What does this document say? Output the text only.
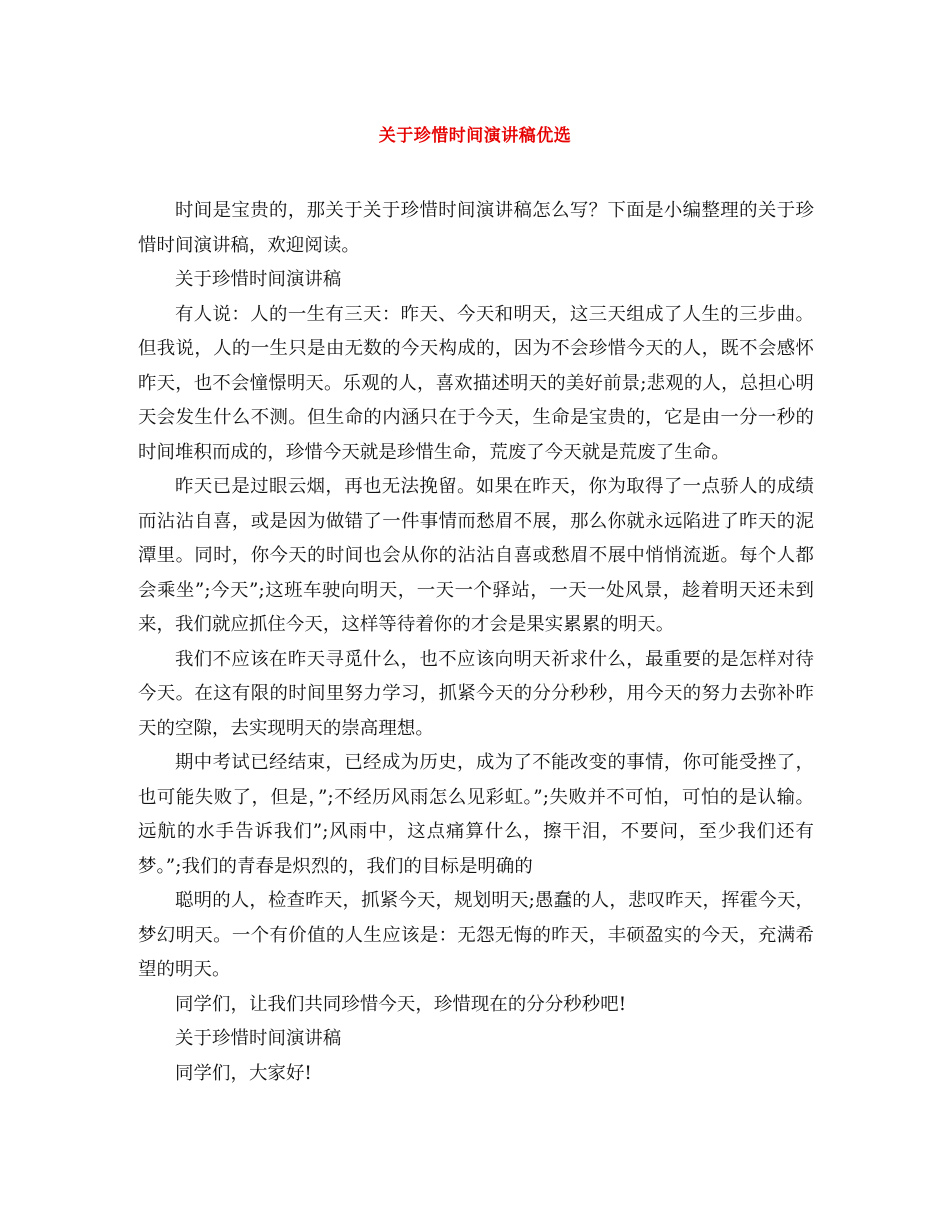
关于珍惜时间演讲稿优选

时间是宝贵的，那关于关于珍惜时间演讲稿怎么写？下面是小编整理的关于珍惜时间演讲稿，欢迎阅读。

关于珍惜时间演讲稿

有人说：人的一生有三天：昨天、今天和明天，这三天组成了人生的三步曲。但我说，人的一生只是由无数的今天构成的，因为不会珍惜今天的人，既不会感怀昨天，也不会憧憬明天。乐观的人，喜欢描述明天的美好前景;悲观的人，总担心明天会发生什么不测。但生命的内涵只在于今天，生命是宝贵的，它是由一分一秒的时间堆积而成的，珍惜今天就是珍惜生命，荒废了今天就是荒废了生命。

昨天已是过眼云烟，再也无法挽留。如果在昨天，你为取得了一点骄人的成绩而沾沾自喜，或是因为做错了一件事情而愁眉不展，那么你就永远陷进了昨天的泥潭里。同时，你今天的时间也会从你的沾沾自喜或愁眉不展中悄悄流逝。每个人都会乘坐”;今天”;这班车驶向明天，一天一个驿站，一天一处风景，趁着明天还未到来，我们就应抓住今天，这样等待着你的才会是果实累累的明天。

我们不应该在昨天寻觅什么，也不应该向明天祈求什么，最重要的是怎样对待今天。在这有限的时间里努力学习，抓紧今天的分分秒秒，用今天的努力去弥补昨天的空隙，去实现明天的崇高理想。

期中考试已经结束，已经成为历史，成为了不能改变的事情，你可能受挫了，也可能失败了，但是，”;不经历风雨怎么见彩虹。”;失败并不可怕，可怕的是认输。远航的水手告诉我们”;风雨中，这点痛算什么，擦干泪，不要问，至少我们还有梦。”;我们的青春是炽烈的，我们的目标是明确的

聪明的人，检查昨天，抓紧今天，规划明天;愚蠢的人，悲叹昨天，挥霍今天，梦幻明天。一个有价值的人生应该是：无怨无悔的昨天，丰硕盈实的今天，充满希望的明天。

同学们，让我们共同珍惜今天，珍惜现在的分分秒秒吧!

关于珍惜时间演讲稿

同学们，大家好!
